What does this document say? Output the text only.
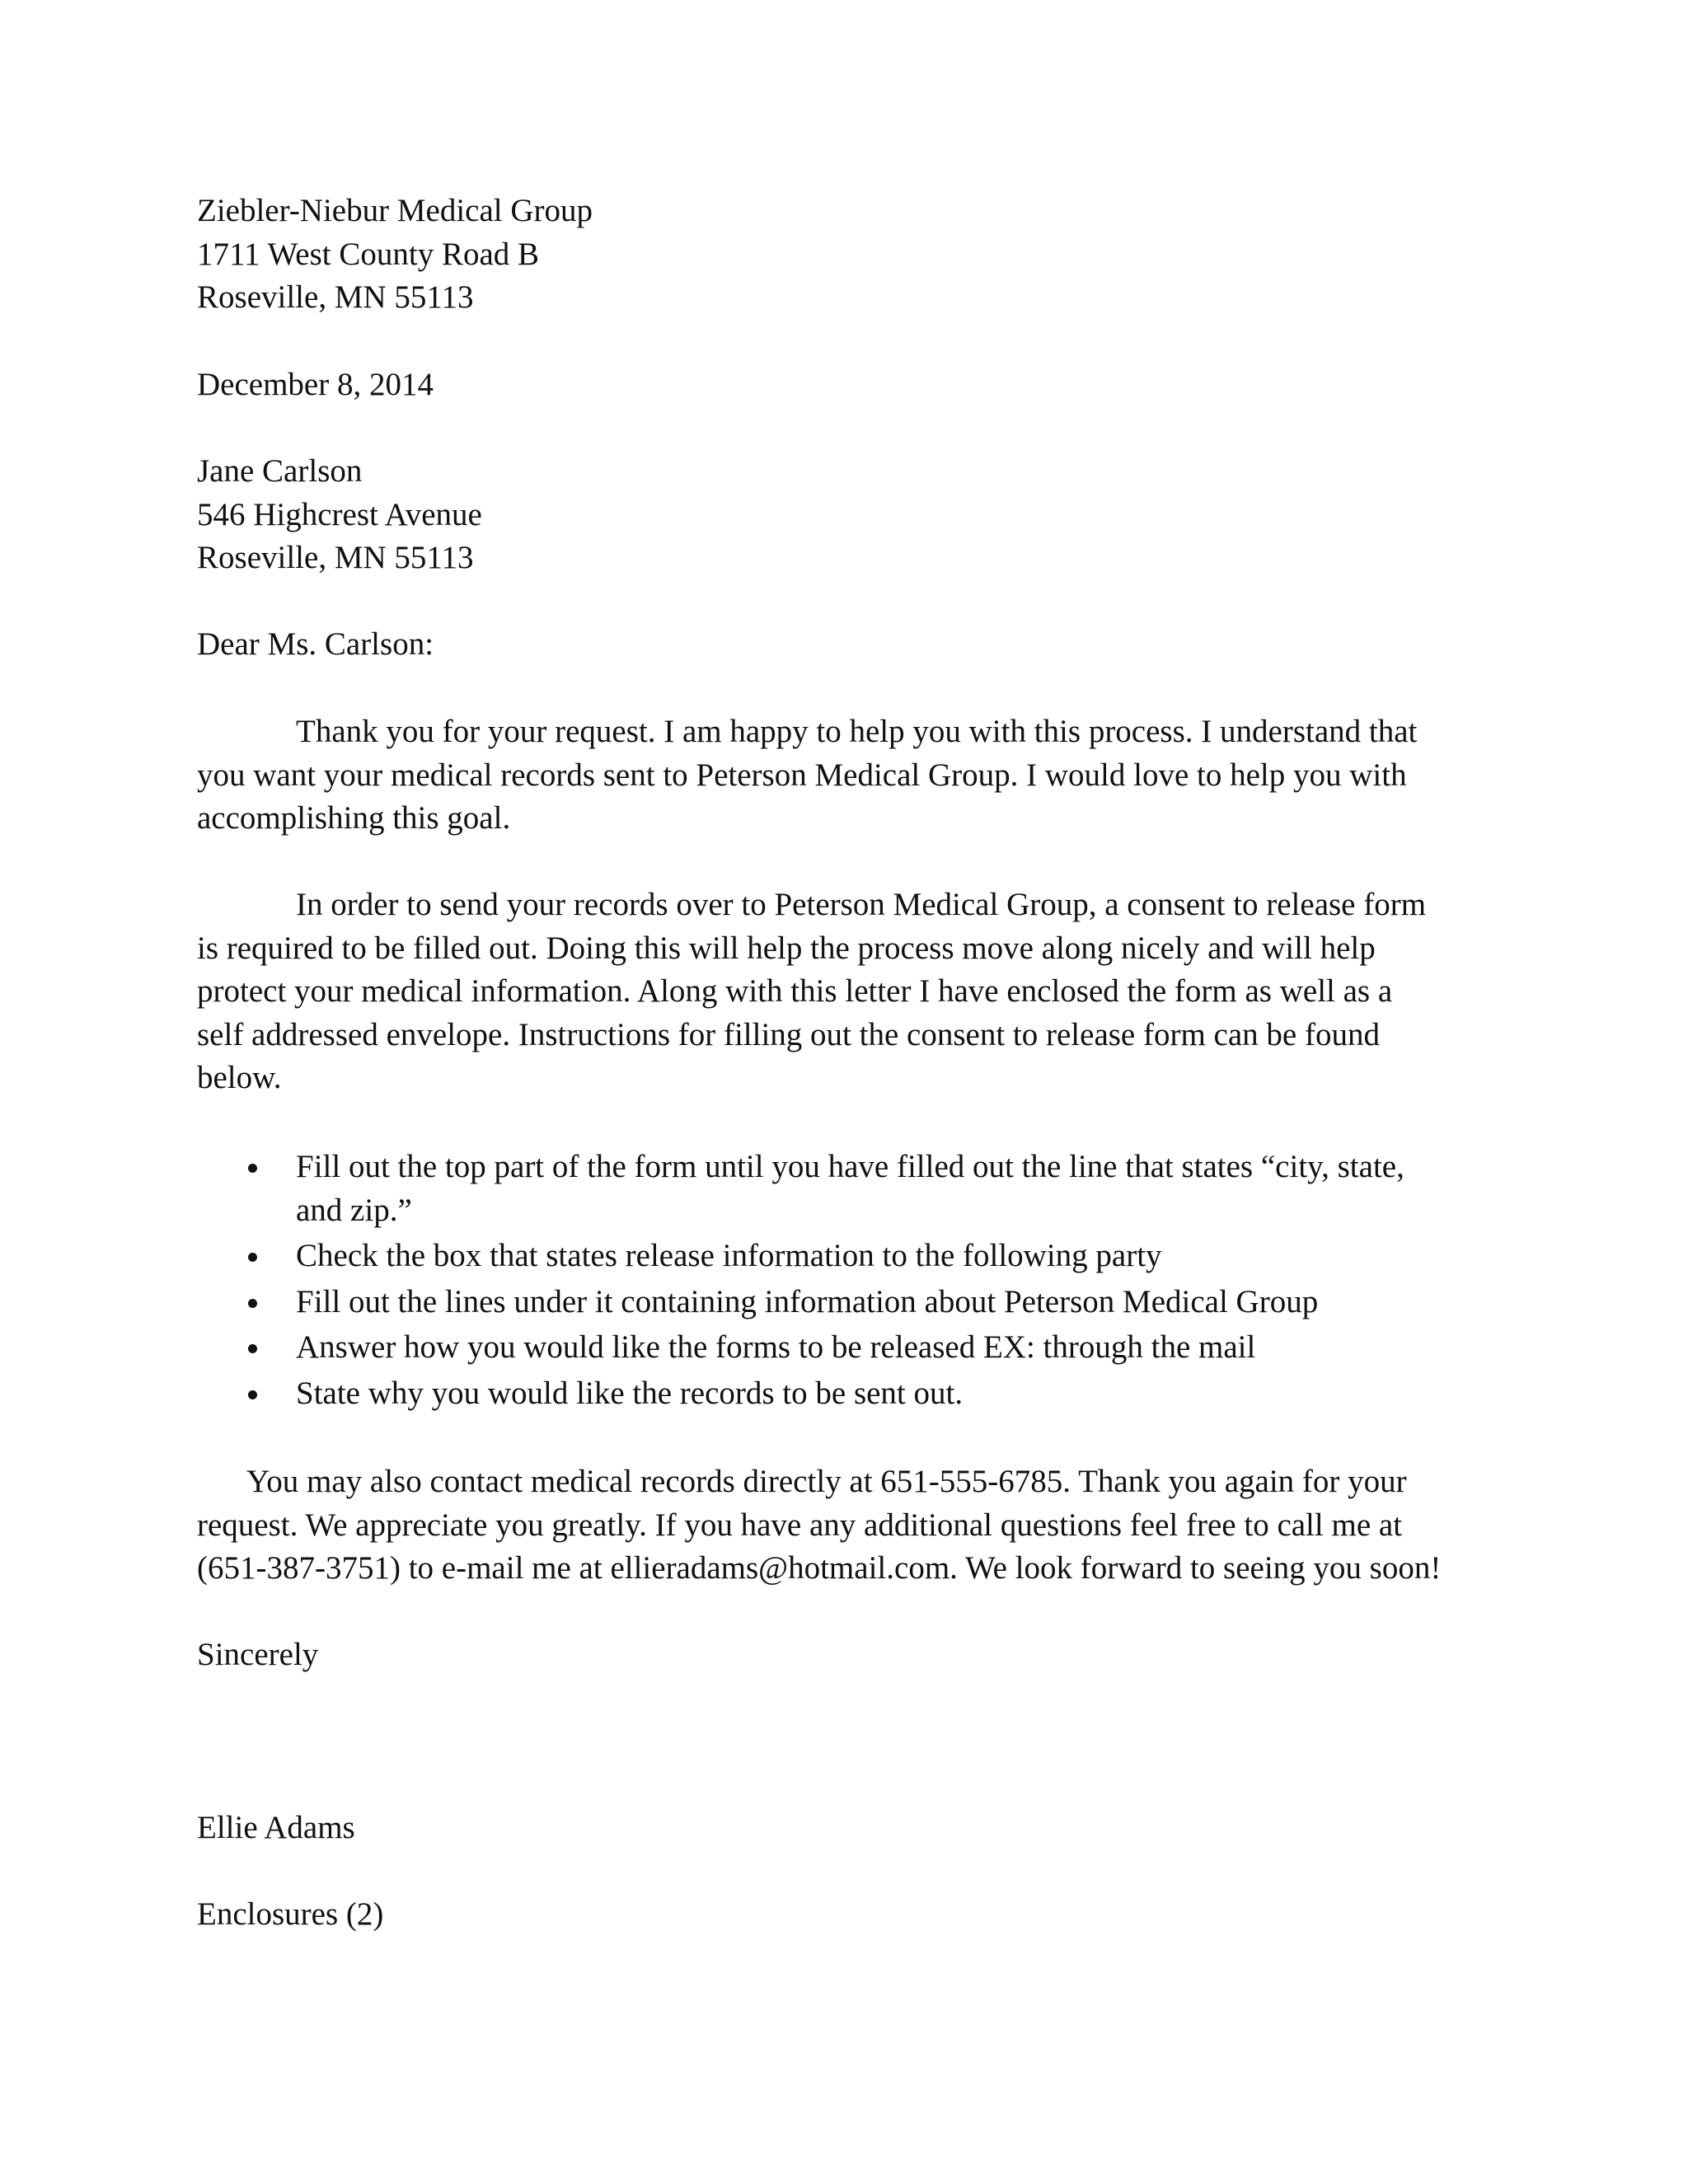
Ziebler-Niebur Medical Group
1711 West County Road B
Roseville, MN 55113
December 8, 2014
Jane Carlson
546 Highcrest Avenue
Roseville, MN 55113
Dear Ms. Carlson:
Thank you for your request. I am happy to help you with this process. I understand that
you want your medical records sent to Peterson Medical Group. I would love to help you with
accomplishing this goal.
In order to send your records over to Peterson Medical Group, a consent to release form
is required to be filled out. Doing this will help the process move along nicely and will help
protect your medical information. Along with this letter I have enclosed the form as well as a
self addressed envelope. Instructions for filling out the consent to release form can be found
below.
Fill out the top part of the form until you have filled out the line that states “city, state,
and zip.”
Check the box that states release information to the following party
Fill out the lines under it containing information about Peterson Medical Group
Answer how you would like the forms to be released EX: through the mail
State why you would like the records to be sent out.
You may also contact medical records directly at 651-555-6785. Thank you again for your
request. We appreciate you greatly. If you have any additional questions feel free to call me at
(651-387-3751) to e-mail me at ellieradams@hotmail.com. We look forward to seeing you soon!
Sincerely
Ellie Adams
Enclosures (2)
